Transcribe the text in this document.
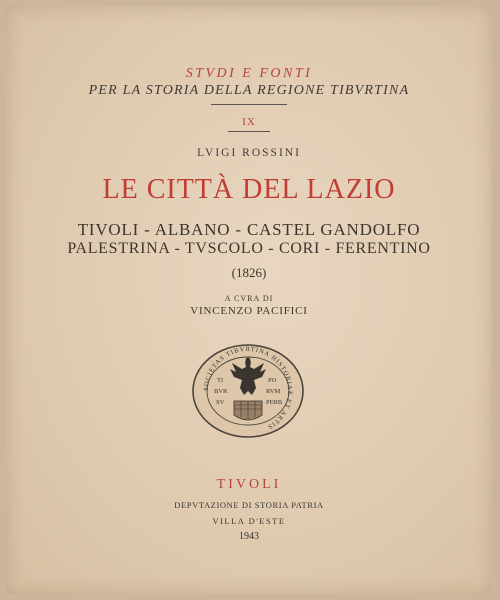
STVDI E FONTI
PER LA STORIA DELLA REGIONE TIBVRTINA
IX
LVIGI ROSSINI
LE CITTÀ DEL LAZIO
TIVOLI - ALBANO - CASTEL GANDOLFO
PALESTRINA - TVSCOLO - CORI - FERENTINO
(1826)
A CVRA DI
VINCENZO PACIFICI
SOCIETAS TIBVRTINA HISTORIAE ET ARTIS
TI
BVR
SV
PO
RVM
PERB
TIVOLI
DEPVTAZIONE DI STORIA PATRIA
VILLA D'ESTE
1943
